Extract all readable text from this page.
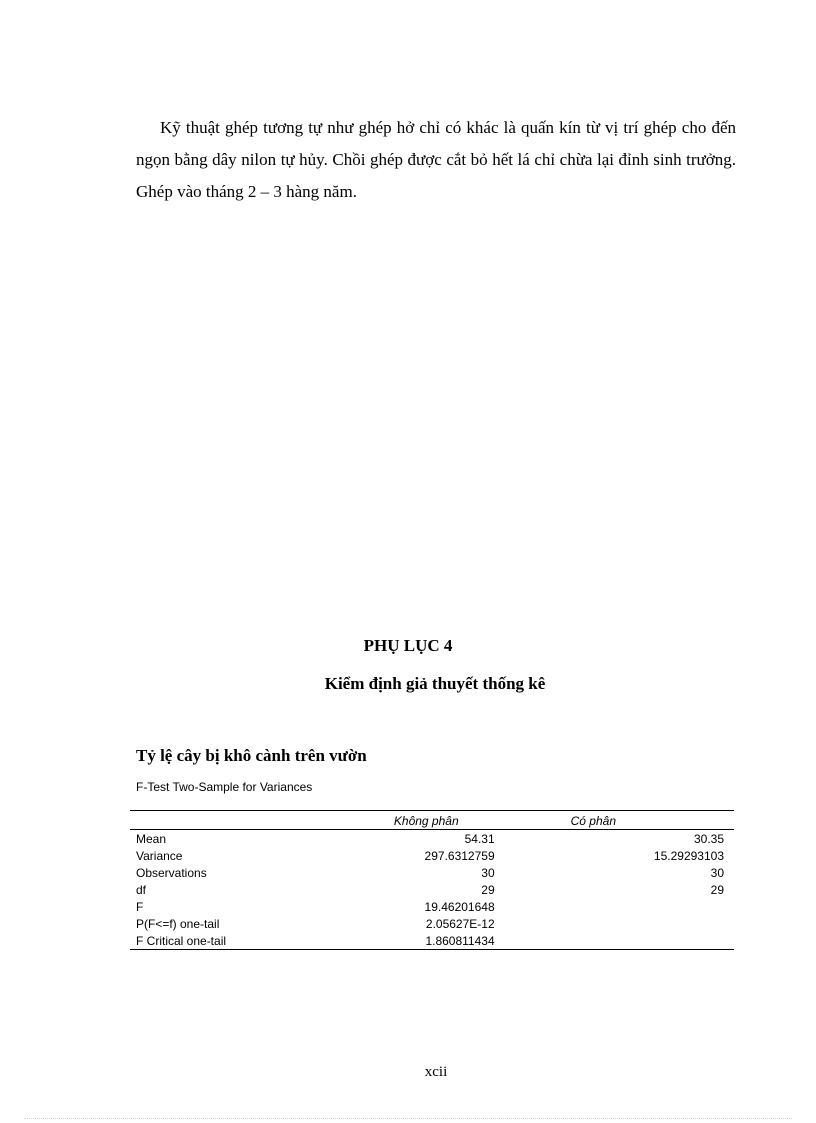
Kỹ thuật ghép tương tự như ghép hở chỉ có khác là quấn kín từ vị trí ghép cho đến ngọn bằng dây nilon tự hủy. Chồi ghép được cắt bỏ hết lá chỉ chừa lại đỉnh sinh trưởng. Ghép vào tháng 2 – 3 hàng năm.

PHỤ LỤC 4

Kiểm định giả thuyết thống kê

Tỷ lệ cây bị khô cành trên vườn

F-Test Two-Sample for Variances

	Không phân	Có phân
Mean	54.31	30.35
Variance	297.6312759	15.29293103
Observations	30	30
df	29	29
F	19.46201648	
P(F<=f) one-tail	2.05627E-12	
F Critical one-tail	1.860811434	

xcii
